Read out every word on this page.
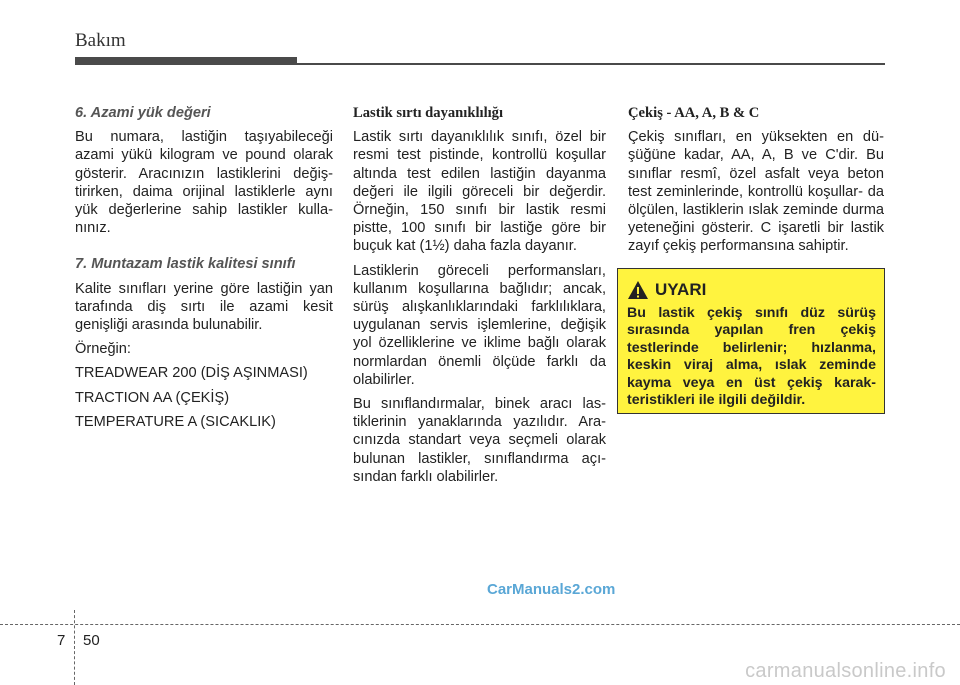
Bakım
6. Azami yük değeri

Bu numara, lastiğin taşıyabileceği azami yükü kilogram ve pound olarak gösterir. Aracınızın lastiklerini değiş- tirirken, daima orijinal lastiklerle aynı yük değerlerine sahip lastikler kulla- nınız.

7. Muntazam lastik kalitesi sınıfı

Kalite sınıfları yerine göre lastiğin yan tarafında diş sırtı ile azami kesit genişliği arasında bulunabilir.

Örneğin:

TREADWEAR 200 (DİŞ AŞINMASI)

TRACTION AA (ÇEKİŞ)

TEMPERATURE A (SICAKLIK)

Lastik sırtı dayanıklılığı

Lastik sırtı dayanıklılık sınıfı, özel bir resmi test pistinde, kontrollü koşullar altında test edilen lastiğin dayanma değeri ile ilgili göreceli bir değerdir. Örneğin, 150 sınıfı bir lastik resmi pistte, 100 sınıfı bir lastiğe göre bir buçuk kat (1½) daha fazla dayanır.

Lastiklerin göreceli performansları, kullanım koşullarına bağlıdır; ancak, sürüş alışkanlıklarındaki farklılıklara, uygulanan servis işlemlerine, değişik yol özelliklerine ve iklime bağlı olarak normlardan önemli ölçüde farklı da olabilirler.

Bu sınıflandırmalar, binek aracı las- tiklerinin yanaklarında yazılıdır. Ara- cınızda standart veya seçmeli olarak bulunan lastikler, sınıflandırma açı- sından farklı olabilirler.

Çekiş - AA, A, B & C

Çekiş sınıfları, en yüksekten en dü- şüğüne kadar, AA, A, B ve C'dir. Bu sınıflar resmî, özel asfalt veya beton test zeminlerinde, kontrollü koşullar- da ölçülen, lastiklerin ıslak zeminde durma yeteneğini gösterir. C işaretli bir lastik zayıf çekiş performansına sahiptir.

UYARI
Bu lastik çekiş sınıfı düz sürüş sırasında yapılan fren çekiş testlerinde belirlenir; hızlanma, keskin viraj alma, ıslak zeminde kayma veya en üst çekiş karak- teristikleri ile ilgili değildir.
CarManuals2.com
7 50
carmanualsonline.info
